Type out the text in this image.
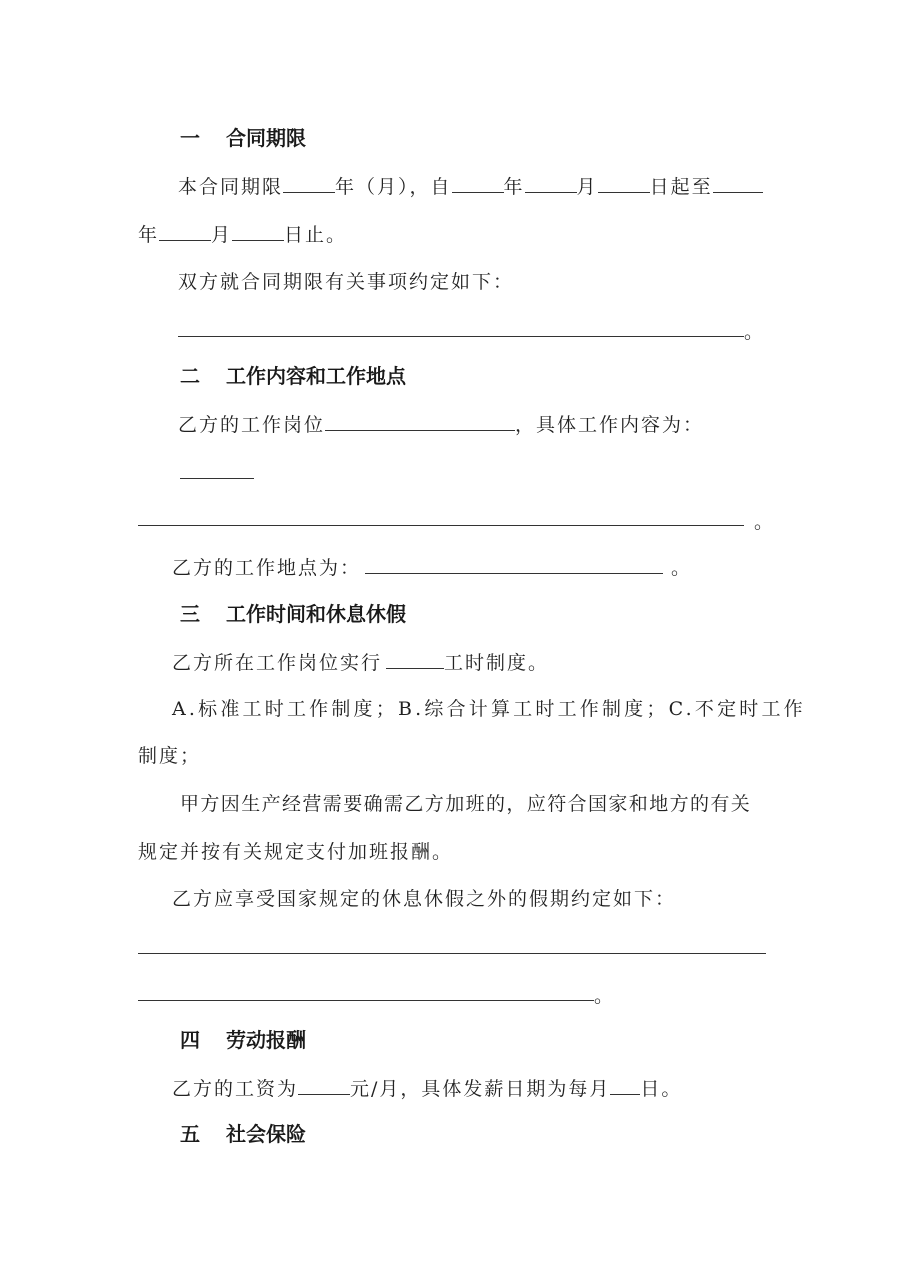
一 合同期限
本合同期限	年（月），自	年	月	日起至
年	月	日止。
双方就合同期限有关事项约定如下：
。
二 工作内容和工作地点
乙方的工作岗位	，具体工作内容为：
。
乙方的工作地点为：	。
三 工作时间和休息休假
乙方所在工作岗位实行	工时制度。
A.标准工时工作制度；B.综合计算工时工作制度；C.不定时工作
制度；
甲方因生产经营需要确需乙方加班的，应符合国家和地方的有关
规定并按有关规定支付加班报酬。
乙方应享受国家规定的休息休假之外的假期约定如下：
。
四 劳动报酬
乙方的工资为	元/月，具体发薪日期为每月 日。
五 社会保险
